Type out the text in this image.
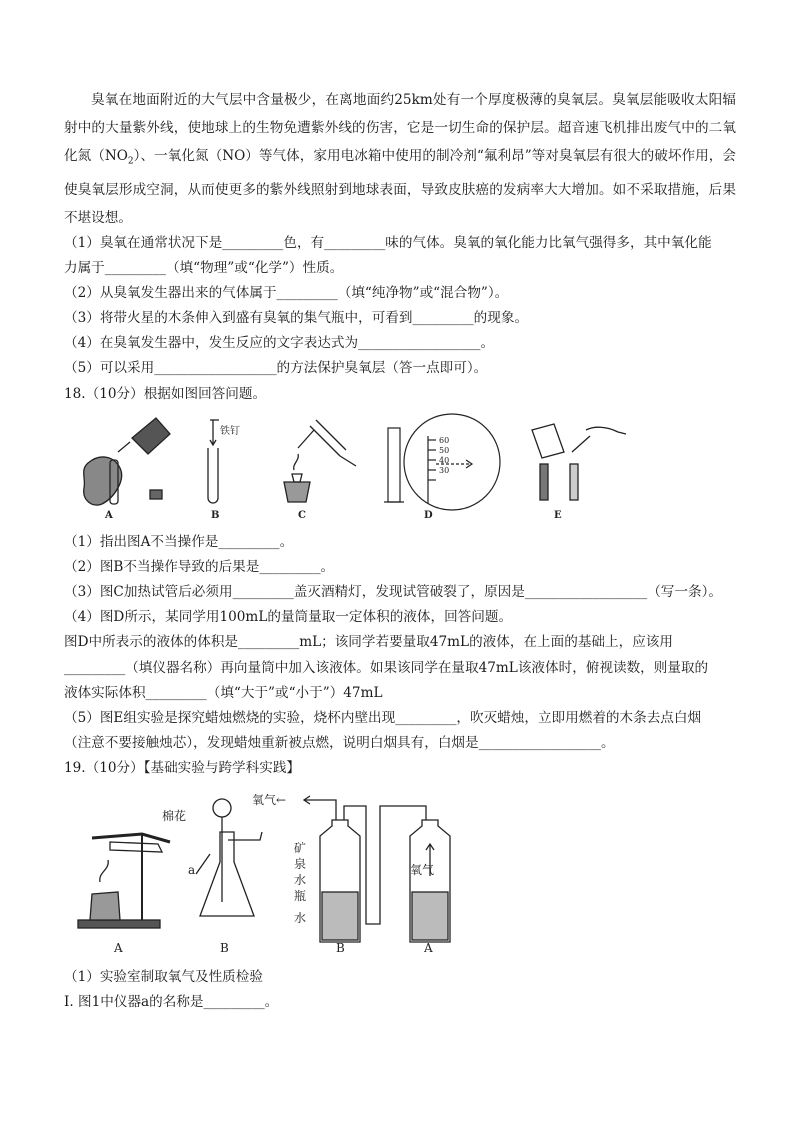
臭氧在地面附近的大气层中含量极少，在离地面约25km处有一个厚度极薄的臭氧层。臭氧层能吸收太阳辐射中的大量紫外线，使地球上的生物免遭紫外线的伤害，它是一切生命的保护层。超音速飞机排出废气中的二氧化氮$(NO_2)$、一氧化氮（NO）等气体，家用电冰箱中使用的制冷剂“氟利昂”等对臭氧层有很大的破坏作用，会使臭氧层形成空洞，从而使更多的紫外线照射到地球表面，导致皮肤癌的发病率大大增加。如不采取措施，后果不堪设想。
（1）臭氧在通常状况下是_________色，有_________味的气体。臭氧的氧化能力比氧气强得多，其中氧化能
力属于_________（填“物理”或“化学”）性质。
（2）从臭氧发生器出来的气体属于_________（填“纯净物”或“混合物”）。
（3）将带火星的木条伸入到盛有臭氧的集气瓶中，可看到_________的现象。
（4）在臭氧发生器中，发生反应的文字表达式为__________________。
（5）可以采用__________________的方法保护臭氧层（答一点即可）。
18.（10分）根据如图回答问题。
60
50
40
30
A	B	C	D	E
铁钉
（1）指出图A不当操作是_________。
（2）图B不当操作导致的后果是_________。
（3）图C加热试管后必须用_________盖灭酒精灯，发现试管破裂了，原因是__________________（写一条）。
（4）图D所示，某同学用100mL的量筒量取一定体积的液体，回答问题。
图D中所表示的液体的体积是_________mL；该同学若要量取47mL的液体，在上面的基础上，应该用
_________（填仪器名称）再向量筒中加入该液体。如果该同学在量取47mL该液体时，俯视读数，则量取的
液体实际体积_________（填“大于”或“小于”）47mL
（5）图E组实验是探究蜡烛燃烧的实验，烧杯内壁出现_________，吹灭蜡烛，立即用燃着的木条去点白烟
（注意不要接触烛芯），发现蜡烛重新被点燃，说明白烟具有，白烟是__________________。
19.（10分）【基础实验与跨学科实践】
棉花
a
氧气←
矿
泉
水
瓶
水
氧气
A	B	B	A
（1）实验室制取氧气及性质检验
Ⅰ. 图1中仪器a的名称是_________。
